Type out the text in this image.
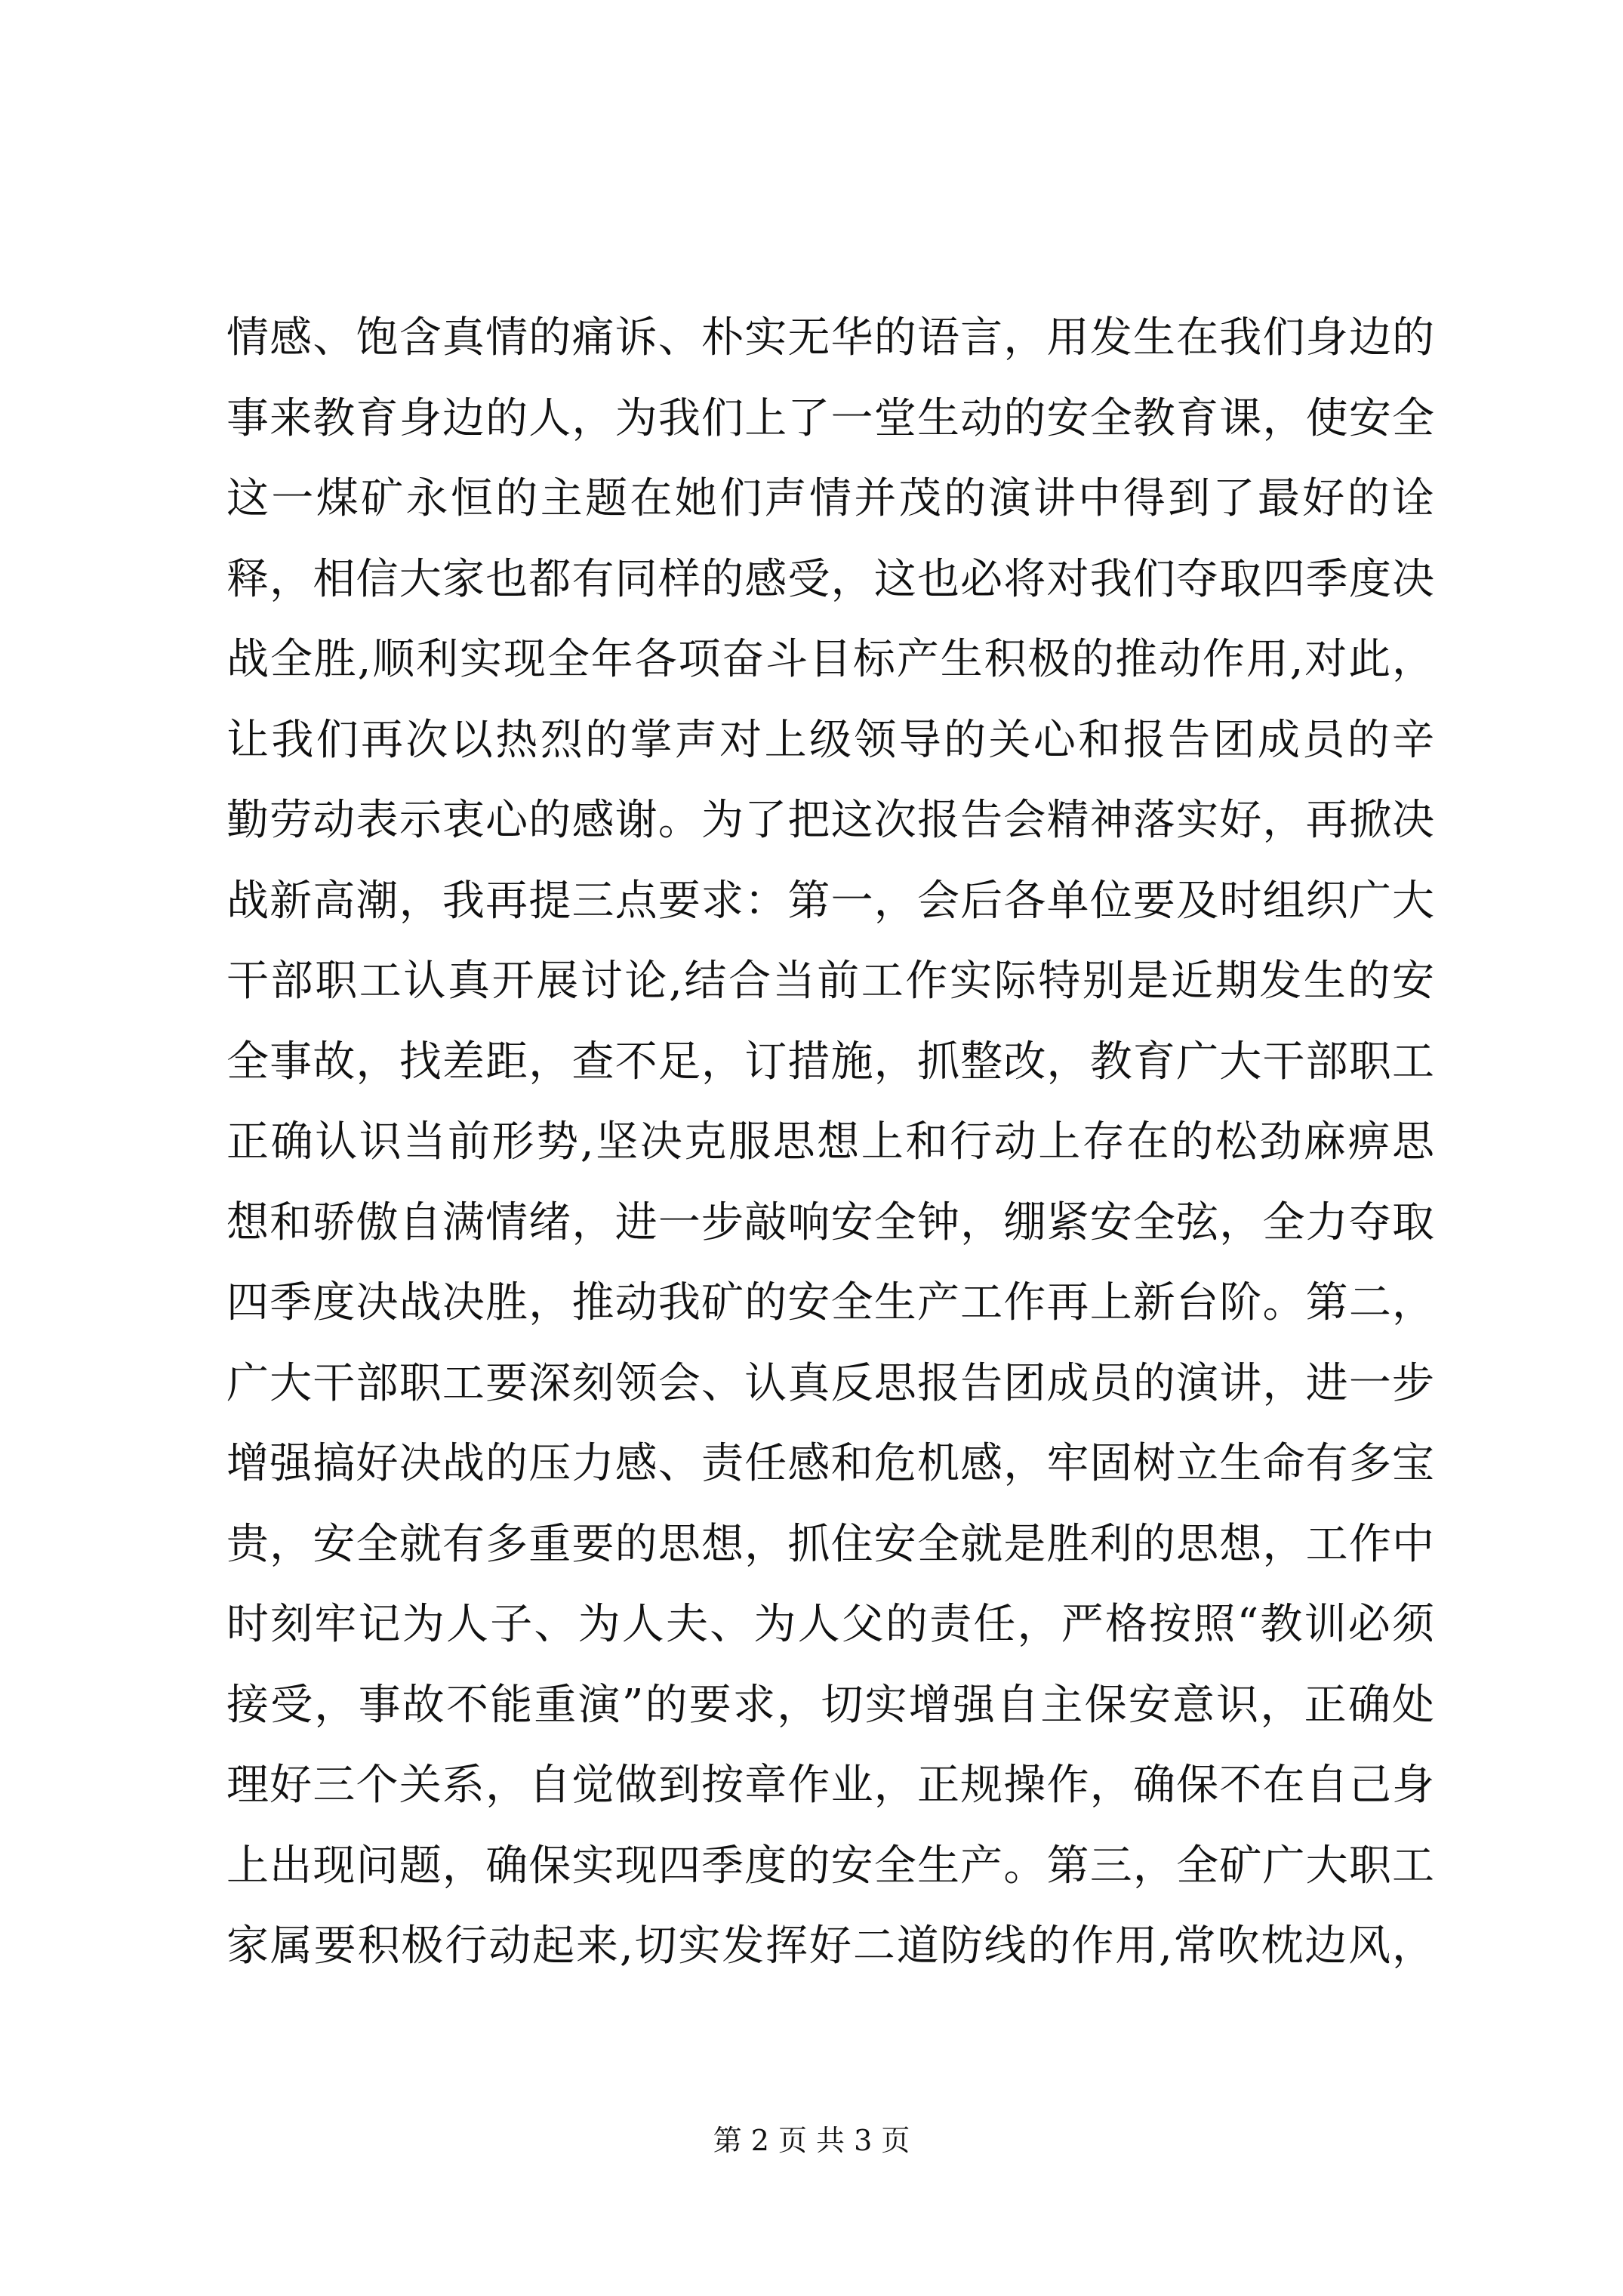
情感、饱含真情的痛诉、朴实无华的语言，用发生在我们身边的
事来教育身边的人，为我们上了一堂生动的安全教育课，使安全
这一煤矿永恒的主题在她们声情并茂的演讲中得到了最好的诠
释，相信大家也都有同样的感受，这也必将对我们夺取四季度决
战全胜,顺利实现全年各项奋斗目标产生积极的推动作用,对此，
让我们再次以热烈的掌声对上级领导的关心和报告团成员的辛
勤劳动表示衷心的感谢。为了把这次报告会精神落实好，再掀决
战新高潮，我再提三点要求：第一，会后各单位要及时组织广大
干部职工认真开展讨论,结合当前工作实际特别是近期发生的安
全事故，找差距，查不足，订措施，抓整改，教育广大干部职工
正确认识当前形势,坚决克服思想上和行动上存在的松劲麻痹思
想和骄傲自满情绪，进一步敲响安全钟，绷紧安全弦，全力夺取
四季度决战决胜，推动我矿的安全生产工作再上新台阶。第二，
广大干部职工要深刻领会、认真反思报告团成员的演讲，进一步
增强搞好决战的压力感、责任感和危机感，牢固树立生命有多宝
贵，安全就有多重要的思想，抓住安全就是胜利的思想，工作中
时刻牢记为人子、为人夫、为人父的责任，严格按照“教训必须
接受，事故不能重演”的要求，切实增强自主保安意识，正确处
理好三个关系，自觉做到按章作业，正规操作，确保不在自己身
上出现问题，确保实现四季度的安全生产。第三，全矿广大职工
家属要积极行动起来,切实发挥好二道防线的作用,常吹枕边风，
第 2 页 共 3 页
